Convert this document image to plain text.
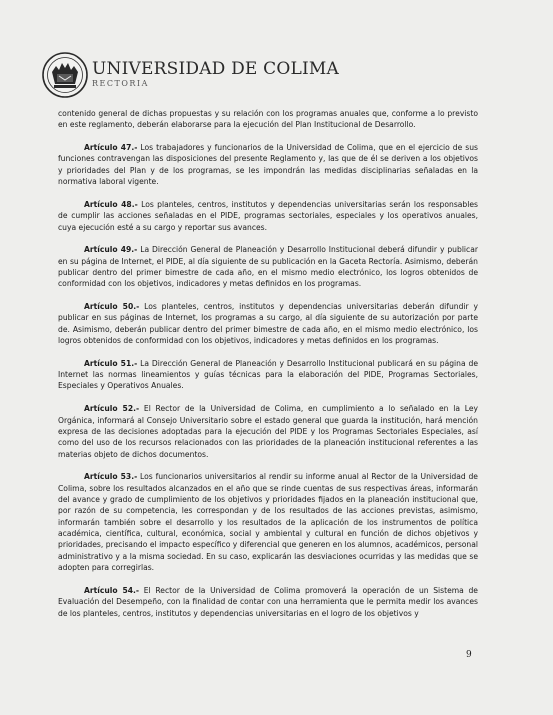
UNIVERSIDAD DE COLIMA
RECTORIA

contenido general de dichas propuestas y su relación con los programas anuales que, conforme a lo previsto en este reglamento, deberán elaborarse para la ejecución del Plan Institucional de Desarrollo.

Artículo 47.- Los trabajadores y funcionarios de la Universidad de Colima, que en el ejercicio de sus funciones contravengan las disposiciones del presente Reglamento y, las que de él se deriven a los objetivos y prioridades del Plan y de los programas, se les impondrán las medidas disciplinarias señaladas en la normativa laboral vigente.

Artículo 48.- Los planteles, centros, institutos y dependencias universitarias serán los responsables de cumplir las acciones señaladas en el PIDE, programas sectoriales, especiales y los operativos anuales, cuya ejecución esté a su cargo y reportar sus avances.

Artículo 49.- La Dirección General de Planeación y Desarrollo Institucional deberá difundir y publicar en su página de Internet, el PIDE, al día siguiente de su publicación en la Gaceta Rectoría. Asimismo, deberán publicar dentro del primer bimestre de cada año, en el mismo medio electrónico, los logros obtenidos de conformidad con los objetivos, indicadores y metas definidos en los programas.

Artículo 50.- Los planteles, centros, institutos y dependencias universitarias deberán difundir y publicar en sus páginas de Internet, los programas a su cargo, al día siguiente de su autorización por parte de. Asimismo, deberán publicar dentro del primer bimestre de cada año, en el mismo medio electrónico, los logros obtenidos de conformidad con los objetivos, indicadores y metas definidos en los programas.

Artículo 51.- La Dirección General de Planeación y Desarrollo Institucional publicará en su página de Internet las normas lineamientos y guías técnicas para la elaboración del PIDE, Programas Sectoriales, Especiales y Operativos Anuales.

Artículo 52.- El Rector de la Universidad de Colima, en cumplimiento a lo señalado en la Ley Orgánica, informará al Consejo Universitario sobre el estado general que guarda la institución, hará mención expresa de las decisiones adoptadas para la ejecución del PIDE y los Programas Sectoriales Especiales, así como del uso de los recursos relacionados con las prioridades de la planeación institucional referentes a las materias objeto de dichos documentos.

Artículo 53.- Los funcionarios universitarios al rendir su informe anual al Rector de la Universidad de Colima, sobre los resultados alcanzados en el año que se rinde cuentas de sus respectivas áreas, informarán del avance y grado de cumplimiento de los objetivos y prioridades fijados en la planeación institucional que, por razón de su competencia, les correspondan y de los resultados de las acciones previstas, asimismo, informarán también sobre el desarrollo y los resultados de la aplicación de los instrumentos de política académica, científica, cultural, económica, social y ambiental y cultural en función de dichos objetivos y prioridades, precisando el impacto específico y diferencial que generen en los alumnos, académicos, personal administrativo y a la misma sociedad. En su caso, explicarán las desviaciones ocurridas y las medidas que se adopten para corregirlas.

Artículo 54.- El Rector de la Universidad de Colima promoverá la operación de un Sistema de Evaluación del Desempeño, con la finalidad de contar con una herramienta que le permita medir los avances de los planteles, centros, institutos y dependencias universitarias en el logro de los objetivos y

9
